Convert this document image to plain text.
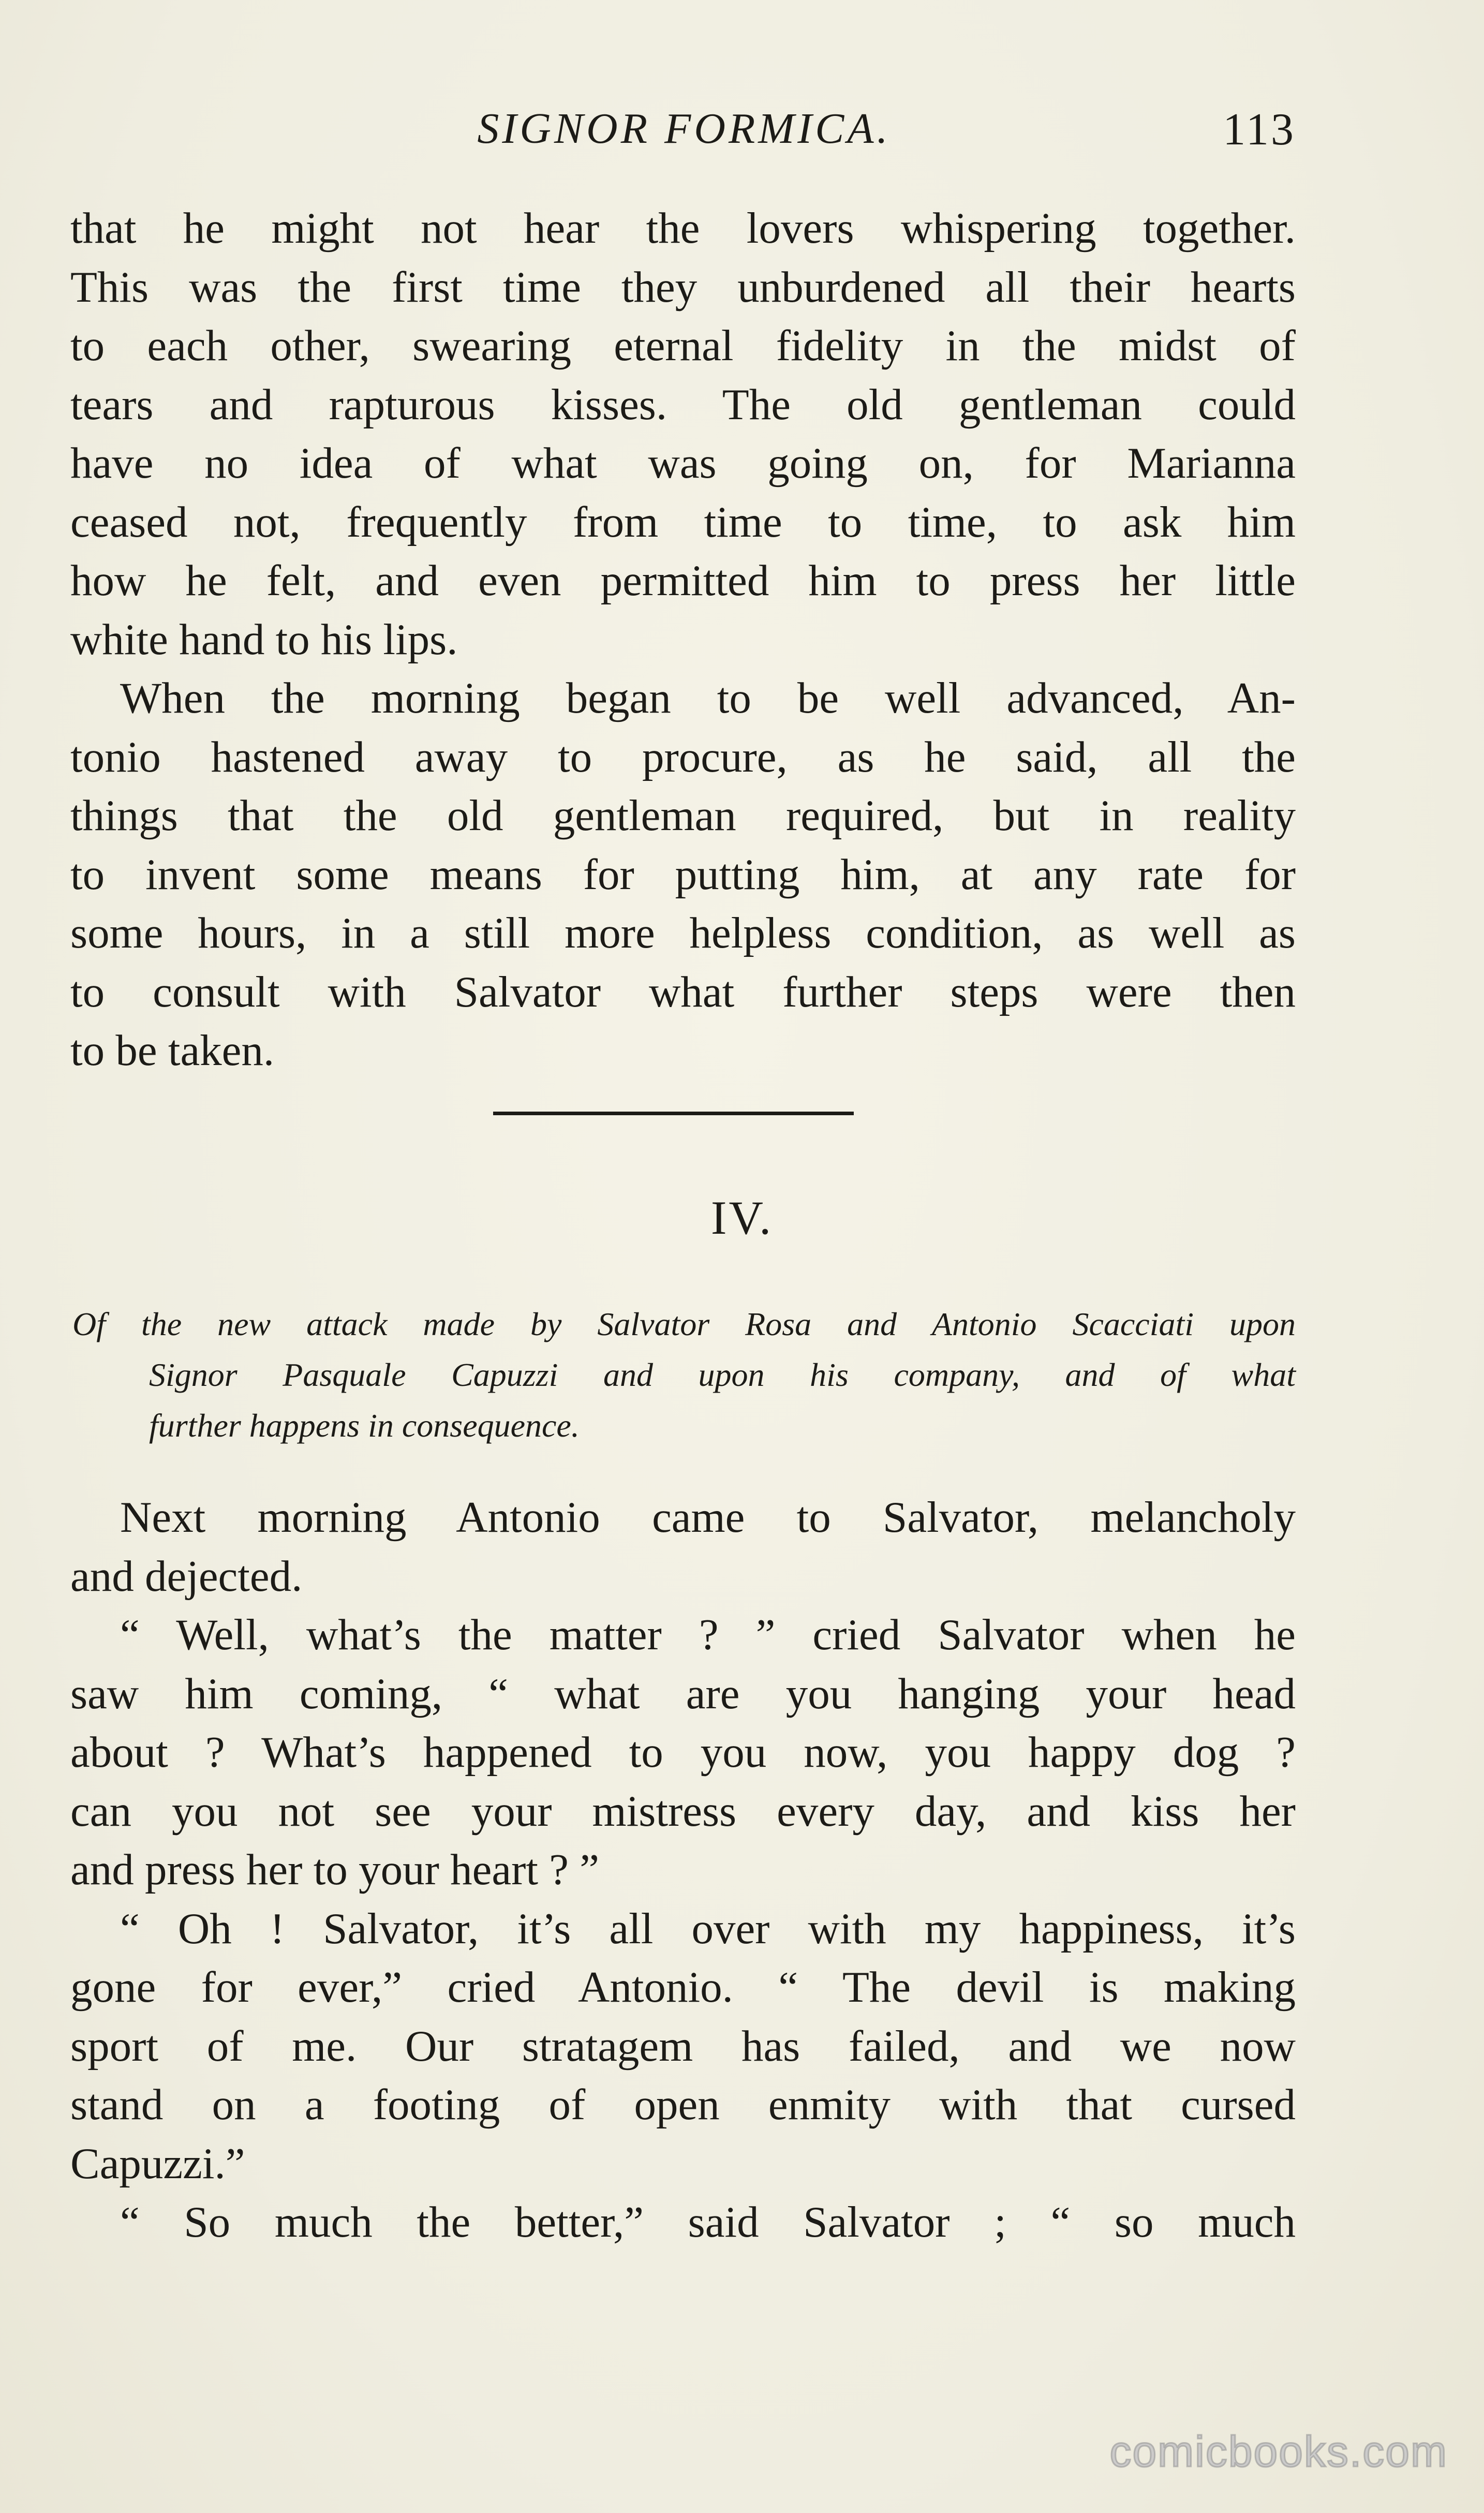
SIGNOR FORMICA.	113

that he might not hear the lovers whispering together.

This was the first time they unburdened all their hearts

to each other, swearing eternal fidelity in the midst of

tears and rapturous kisses. The old gentleman could

have no idea of what was going on, for Marianna

ceased not, frequently from time to time, to ask him

how he felt, and even permitted him to press her little

white hand to his lips.

When the morning began to be well advanced, An-

tonio hastened away to procure, as he said, all the

things that the old gentleman required, but in reality

to invent some means for putting him, at any rate for

some hours, in a still more helpless condition, as well as

to consult with Salvator what further steps were then

to be taken.

IV.

Of the new attack made by Salvator Rosa and Antonio Scacciati upon

Signor Pasquale Capuzzi and upon his company, and of what

further happens in consequence.

Next morning Antonio came to Salvator, melancholy

and dejected.

“ Well, what’s the matter ? ” cried Salvator when he

saw him coming, “ what are you hanging your head

about ? What’s happened to you now, you happy dog ?

can you not see your mistress every day, and kiss her

and press her to your heart ? ”

“ Oh ! Salvator, it’s all over with my happiness, it’s

gone for ever,” cried Antonio. “ The devil is making

sport of me. Our stratagem has failed, and we now

stand on a footing of open enmity with that cursed

Capuzzi.”

“ So much the better,” said Salvator ; “ so much

comicbooks.com
